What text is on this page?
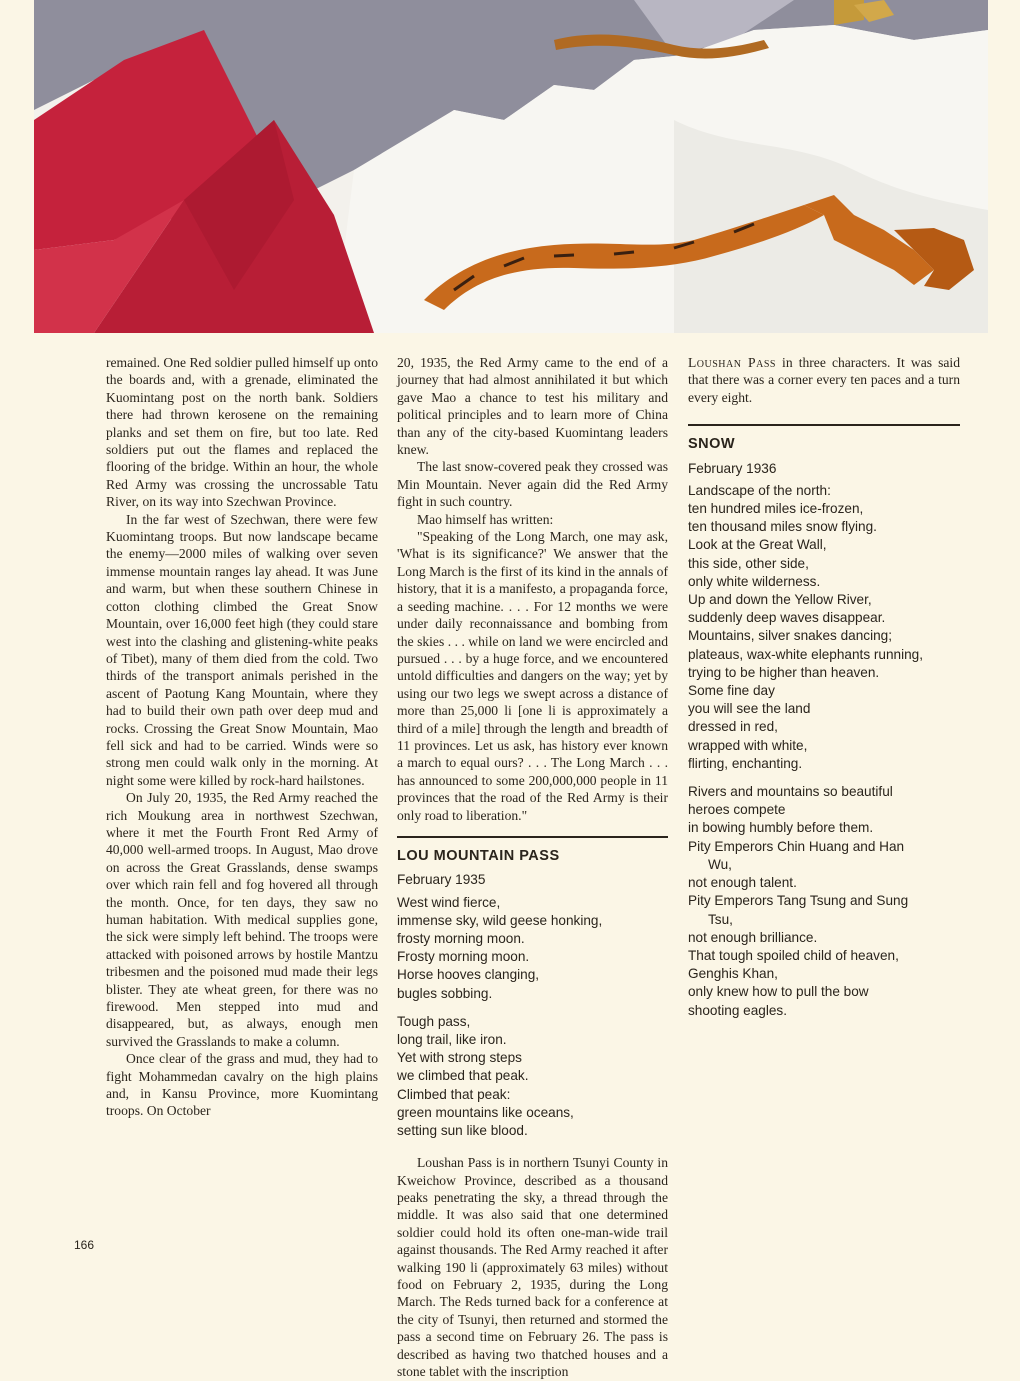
remained. One Red soldier pulled himself up onto the boards and, with a grenade, eliminated the Kuomintang post on the north bank. Soldiers there had thrown kerosene on the remaining planks and set them on fire, but too late. Red soldiers put out the flames and replaced the flooring of the bridge. Within an hour, the whole Red Army was crossing the uncrossable Tatu River, on its way into Szechwan Province.

In the far west of Szechwan, there were few Kuomintang troops. But now landscape became the enemy—2000 miles of walking over seven immense mountain ranges lay ahead. It was June and warm, but when these southern Chinese in cotton clothing climbed the Great Snow Mountain, over 16,000 feet high (they could stare west into the clashing and glistening-white peaks of Tibet), many of them died from the cold. Two thirds of the transport animals perished in the ascent of Paotung Kang Mountain, where they had to build their own path over deep mud and rocks. Crossing the Great Snow Mountain, Mao fell sick and had to be carried. Winds were so strong men could walk only in the morning. At night some were killed by rock-hard hailstones.

On July 20, 1935, the Red Army reached the rich Moukung area in northwest Szechwan, where it met the Fourth Front Red Army of 40,000 well-armed troops. In August, Mao drove on across the Great Grasslands, dense swamps over which rain fell and fog hovered all through the month. Once, for ten days, they saw no human habitation. With medical supplies gone, the sick were simply left behind. The troops were attacked with poisoned arrows by hostile Mantzu tribesmen and the poisoned mud made their legs blister. They ate wheat green, for there was no firewood. Men stepped into mud and disappeared, but, as always, enough men survived the Grasslands to make a column.

Once clear of the grass and mud, they had to fight Mohammedan cavalry on the high plains and, in Kansu Province, more Kuomintang troops. On October

20, 1935, the Red Army came to the end of a journey that had almost annihilated it but which gave Mao a chance to test his military and political principles and to learn more of China than any of the city-based Kuomintang leaders knew.

The last snow-covered peak they crossed was Min Mountain. Never again did the Red Army fight in such country.

Mao himself has written:

"Speaking of the Long March, one may ask, 'What is its significance?' We answer that the Long March is the first of its kind in the annals of history, that it is a manifesto, a propaganda force, a seeding machine. . . . For 12 months we were under daily reconnaissance and bombing from the skies . . . while on land we were encircled and pursued . . . by a huge force, and we encountered untold difficulties and dangers on the way; yet by using our two legs we swept across a distance of more than 25,000 li [one li is approximately a third of a mile] through the length and breadth of 11 provinces. Let us ask, has history ever known a march to equal ours? . . . The Long March . . . has announced to some 200,000,000 people in 11 provinces that the road of the Red Army is their only road to liberation."

LOU MOUNTAIN PASS
February 1935
West wind fierce,
immense sky, wild geese honking,
frosty morning moon.
Frosty morning moon.
Horse hooves clanging,
bugles sobbing.
Tough pass,
long trail, like iron.
Yet with strong steps
we climbed that peak.
Climbed that peak:
green mountains like oceans,
setting sun like blood.

Loushan Pass is in northern Tsunyi County in Kweichow Province, described as a thousand peaks penetrating the sky, a thread through the middle. It was also said that one determined soldier could hold its often one-man-wide trail against thousands. The Red Army reached it after walking 190 li (approximately 63 miles) without food on February 2, 1935, during the Long March. The Reds turned back for a conference at the city of Tsunyi, then returned and stormed the pass a second time on February 26. The pass is described as having two thatched houses and a stone tablet with the inscription

Loushan Pass in three characters. It was said that there was a corner every ten paces and a turn every eight.

SNOW
February 1936
Landscape of the north:
ten hundred miles ice-frozen,
ten thousand miles snow flying.
Look at the Great Wall,
this side, other side,
only white wilderness.
Up and down the Yellow River,
suddenly deep waves disappear.
Mountains, silver snakes dancing;
plateaus, wax-white elephants running,
trying to be higher than heaven.
Some fine day
you will see the land
dressed in red,
wrapped with white,
flirting, enchanting.
Rivers and mountains so beautiful
heroes compete
in bowing humbly before them.
Pity Emperors Chin Huang and Han
Wu,
not enough talent.
Pity Emperors Tang Tsung and Sung
Tsu,
not enough brilliance.
That tough spoiled child of heaven,
Genghis Khan,
only knew how to pull the bow
shooting eagles.
166
